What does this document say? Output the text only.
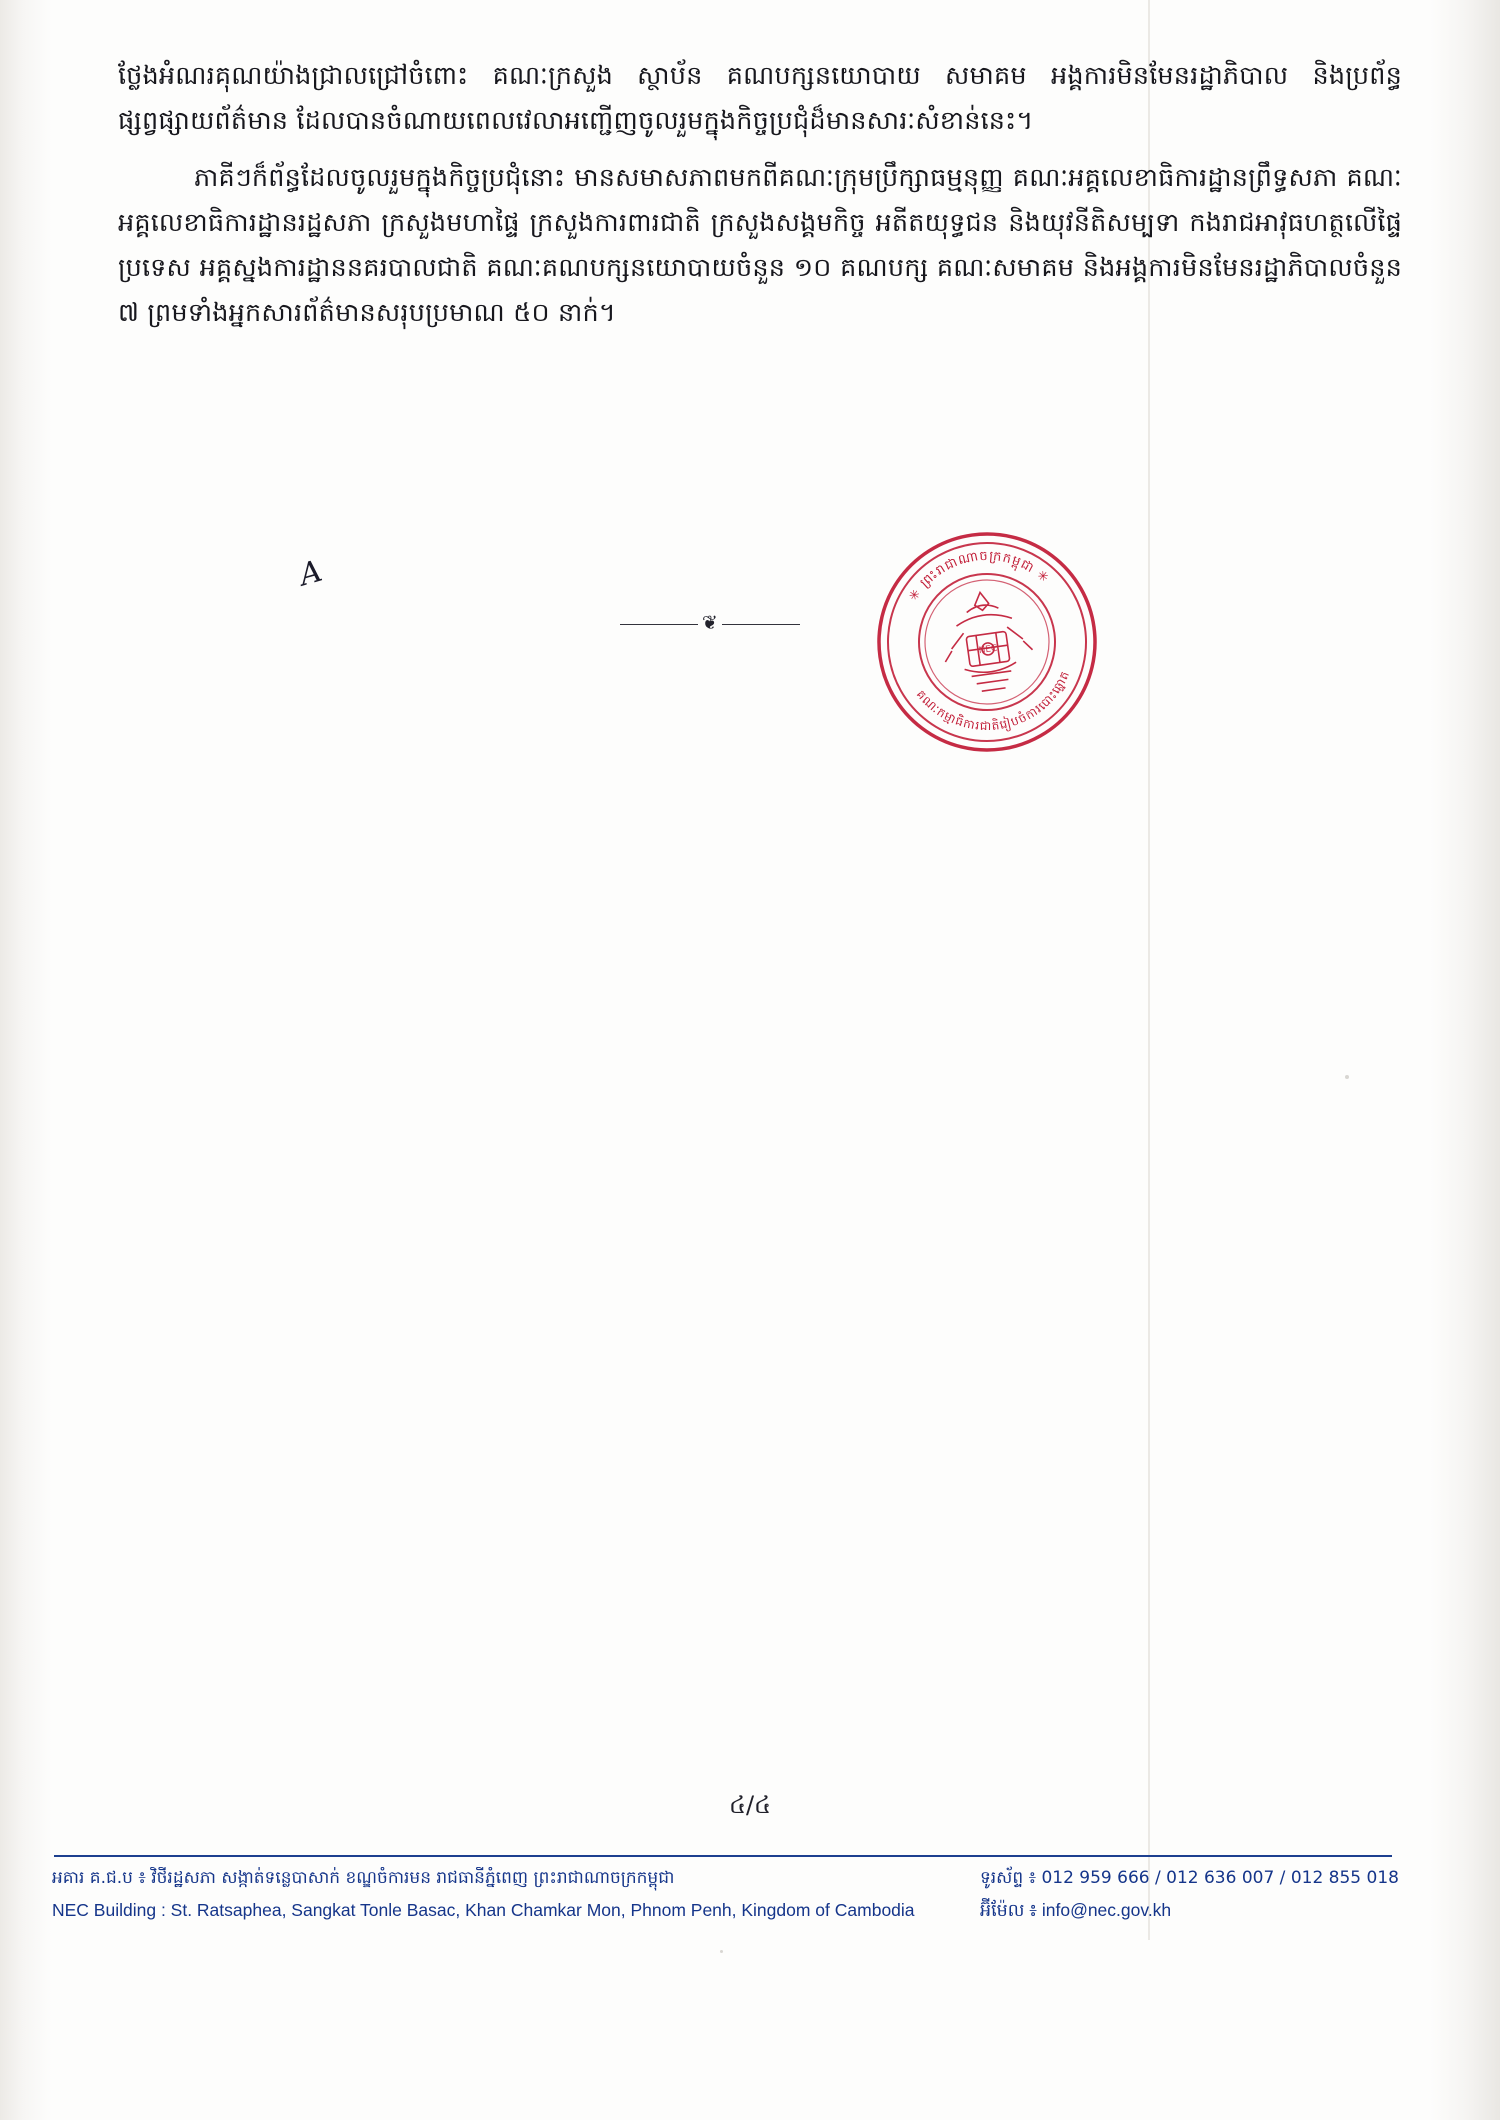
ថ្លែងអំណរគុណយ៉ាងជ្រាលជ្រៅចំពោះ គណៈក្រសួង ស្ថាប័ន គណបក្សនយោបាយ សមាគម អង្គការមិនមែនរដ្ឋាភិបាល និងប្រព័ន្ធផ្សព្វផ្សាយព័ត៌មាន ដែលបានចំណាយពេលវេលាអញ្ជើញចូលរួមក្នុងកិច្ចប្រជុំដ៏មានសារៈសំខាន់នេះ។

ភាគីៗក៏ព័ន្ធដែលចូលរួមក្នុងកិច្ចប្រជុំនោះ មានសមាសភាពមកពីគណៈក្រុមប្រឹក្សាធម្មនុញ្ញ គណៈអគ្គលេខាធិការដ្ឋានព្រឹទ្ធសភា គណៈអគ្គលេខាធិការដ្ឋានរដ្ឋសភា ក្រសួងមហាផ្ទៃ ក្រសួងការពារជាតិ ក្រសួងសង្គមកិច្ច អតីតយុទ្ធជន និងយុវនីតិសម្បទា កងរាជអាវុធហត្ថលើផ្ទៃប្រទេស អគ្គស្នងការដ្ឋាននគរបាលជាតិ គណៈគណបក្សនយោបាយចំនួន ១០ គណបក្ស គណៈសមាគម និងអង្គការមិនមែនរដ្ឋាភិបាលចំនួន ៧ ព្រមទាំងអ្នកសារព័ត៌មានសរុបប្រមាណ ៥០ នាក់។

A
❦
✳ ព្រះរាជាណាចក្រកម្ពុជា ✳
គណៈកម្មាធិការជាតិរៀបចំការបោះឆ្នោត
NEC
៤/៤
អគារ គ.ជ.ប ៖ វិថីរដ្ឋសភា សង្កាត់ទន្លេបាសាក់ ខណ្ឌចំការមន រាជធានីភ្នំពេញ ព្រះរាជាណាចក្រកម្ពុជា	ទូរស័ព្ទ ៖ 012 959 666 / 012 636 007 / 012 855 018
NEC Building : St. Ratsaphea, Sangkat Tonle Basac, Khan Chamkar Mon, Phnom Penh, Kingdom of Cambodia	អ៊ីម៉ែល ៖ info@nec.gov.kh
